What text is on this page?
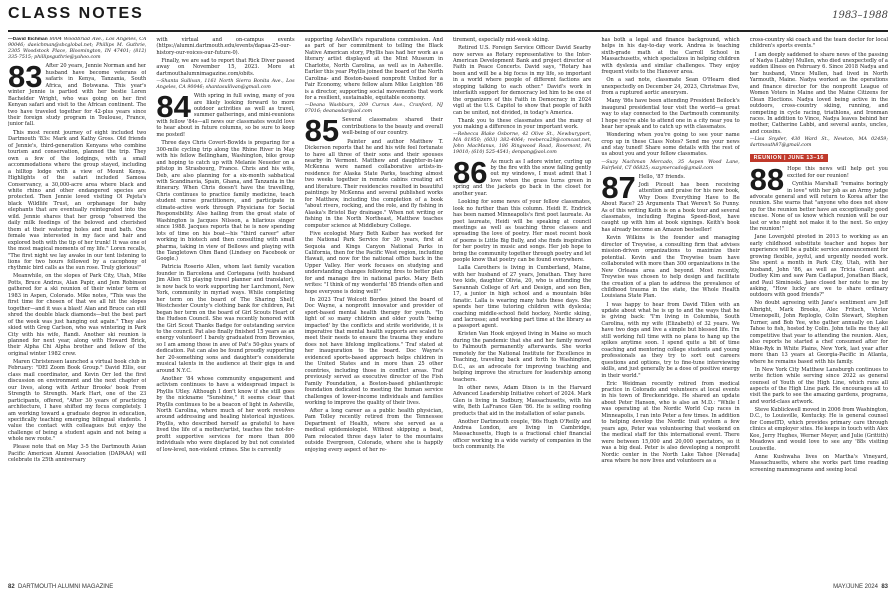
CLASS NOTES	1983–1988

—David Eichman 8004 Woodbriad Ave., Los Angeles, CA 90046; daeichman@sbcglobal.net; Phillips M. Guthrie, 2305 Woodstock Place, Bloomington, IN 47401; (812) 335-7515; phillipsguthrie@yahoo.com

83 After 20 years, Jennie Norman and her husband have become veterans of safaris in Kenya, Tanzania, South Africa, and Botswana. This year's winter Jennie is partied with her bestie Loren Bachelder Wright, who was going on her first Kenyan safari and visit to the African continent. The two have traveled together for 42-plus years since their foreign study program in Toulouse, France, junior fall.

This most recent journey of eight included two Dartmouth '83s: Mark and Kathy Gross. Old friends of Jennie's, third-generation Kenyans who combine tourism and conservation, planned the trip. They own a few of the lodgings, with a small accommodations where the group stayed, including a hilltop lodge with a view of Mount Kenya. Highlights of the safari included Samosa Conservancy, a 30,000-acre area where black and white rhino and other endangered species are protected. Then Jennie loved visiting Ol Pejeta's black Wildlife Trust, an orphanage for baby elephants that are eventually reintegrated into the wild. Jennie shares that her group "observed the daily milk feedings of the beloved and cherished them at their watering holes and mud bath. One female was interested in my face and hair and explored both with the tip of her trunk! It was one of the most magical moments of my life." Loren recalls, "The first night we lay awake in our tent listening to lions for two hours followed by a cacophony of rhythmic bird calls as the sun rose. Truly glorious!"

Meanwhile, on the slopes of Park City, Utah, Mike Potts, Bruce Andrus, Alan Papir, and Jem Robinson gathered for a ski reunion of their winter term of 1983 in Aspen, Colorado. Mike notes, "This was the first time for chosen of that we all hit the slopes together—and it was a blast! Alan and Bruce can still shred the double black diamonds—but the best part of the week was just hanging out again." They also skied with Greg Carlson, who was wintering in Park City with his wife, Randi. Another ski reunion is planned for next year, along with Howard Brick, their Alpha Chi Alpha brother and fellow of the original winter 1982 crew.

Maren Christensen launched a virtual book club in February: "DEI Zoom Book Group." David Ellis, our class mail coordinator, and Kevin Orr led the first discussion on environment and the next chapter of our lives, along with Arthur Brooks' book From Strength to Strength. Mark Hart, one of the 23 participants, offered, "After 30 years of practicing architecture, I have shifted my focus completely. I am working toward a graduate degree in education, specifically teaching emerging bilingual students. I value the contact with colleagues but enjoy the challenge of being a student again and not being a whole new route."

Please note that on May 3-5 the Dartmouth Asian Pacific American Alumni Association (DAPAAA) will celebrate its 25th anniversary

with virtual and on-campus events (https://alumni.dartmouth.edu/events/dapaa-25-our-history-our-voices-our-future-0).

Finally, we are sad to report that Rick Diver passed away on November 15, 2023. More at dartmouthalumnimagazine.com/obits.

—Shanta Sullivan, 1161 North Sierra Bonita Ave., Los Angeles, CA 90046; shantasullivan@gmail.com

84 With spring in full swing, many of you are likely looking forward to more outdoor activities as well as travel, summer gatherings, and mini-reunions with fellow '84s—all news our classmates would love to hear about in future columns, so be sure to keep me posted!

Three days Chris Covert-Bowlds is preparing for a 300-mile cycling trip along the Rhine River in May with his fellow Bellingham, Washington, bike group and hoping to catch up with Melanie Neueder on a pitstop in Strasbourg, France. Chris and his wife, Deb, are also planning for a six-month sabbatical with Scandinavia, Spain, Ghana, and Tanzania in the itinerary. When Chris doesn't have the travelling, Chris continues to practice family medicine, teach student nurse practitioners, and participate in climate-active work through Physicians for Social Responsibility. Also hailing from the great state of Washington is Jacques Nilsson, a hilarious singer since 1988. Jacques reports that he is now spending lots of time on his boat—his "third career" after working in biotech and then consulting with small pharma, taking in view of Bellows and playing with the Tangletown Ohm Band (Lindsey on Facebook or Google.)

Patricia Roserio Allen, whom last family vacation founder in Barcelona and Cortegana (with husband Jim Allen '83 playing travel planner and translator), is now back to work supporting her Larchmont, New York, community in myriad ways. While completing her term on the board of The Sharing Shelf, Westchester County's clothing bank for children, Pat began her term on the board of Girl Scouts Heart of the Hudson Council. She was recently honored with the Girl Scout Thanks Badge for outstanding service to the council. Pat also finally finished 15 years as an energy volunteer! I barely graduated from Brownies, so I am among those in awe of Pat's 50-plus years of dedication. Pat can also be found proudly supporting her 20-something sons and daughter's considerate musical talents in the audience at their gigs in and around N.Y.C.

Another '84 whose community engagement and activism continues to have a widespread impact is Phyllis Utley. Although I don't know if she still goes by the nickname "Sunshine," it seems clear that Phyllis continues to be a beacon of light in Asheville, North Carolina, where much of her work revolves around addressing and healing historical injustices. Phyllis, who described herself as grateful to have lived the life of a mother/artist, teaches the not-for-profit supportive services for more than 800 individuals who were displaced by but not consisted of low-level, non-violent crimes. She is currently

supporting Asheville's reparations commission. And as part of her commitment to telling the Black Native American story, Phyllis has had her work as a literary artist displayed at the Mint Museum in Charlotte, North Carolina, as well as in Asheville. Earlier this year Phyllis joined the board of the North Carolina- and Boston-based nonprofit United for a Fair Economy, where fellow alum Mike Leighton '86 is a director, supporting social movements that work for a resilient, sustainable, equitable economy.

—Deana Washburn, 209 Curran Ave., Cranford, NJ 07016; deanasdar@aol.com

85 Several classmates shared their contributions to the beauty and overall well-being of our country.

Painter and author Matthew T. Dickerson reports that he and his wife feel fortunate to have all three of their sons and their spouses nearby in Vermont. Matthew and daughter-in-law McKenna were named collaborative artists-in-residence for Alaska State Parks, teaching almost two weeks together in remote cabins creating art and literature. Their residencies resulted in beautiful paintings by McKenna and several published works for Matthew, including the completion of a book "about rivers, rocking, and the role, and fly fishing in Alaska's Bristol Bay drainage." When not writing or fishing in the North Northeast, Matthew teaches computer science at Middlebury College.

Five ecologist Mary Beth Kaiber has worked for the National Park Service for 30 years, first at Sequoia and Kings Canyon National Parks in California, then for the Pacific West region, including Hawaii, and now for the national office back in the Upper Valley. Her work focuses on studying and understanding changes following fires to better plan for and manage fire in national parks. Mary Beth writes: "I think of my wonderful '85 friends often and hope everyone is doing well!"

In 2023 Traf Wolcott Bordes joined the board of Doc Wayne, a nonprofit innovator and provider of sport-based mental health therapy for youth. "In light of so many children and older youth 'being impacted' by the conflicts and strife worldwide, it is imperative that mental health supports are scaled to meet their needs to ensure the trauma they endure does not have lifelong implications." Traf stated at her inauguration to the board. Doc Wayne's evidenced sports-based approach helps children in the United States and in more than 25 other countries, including those in conflict areas. Traf previously served as executive director of the Fish Family Foundation, a Boston-based philanthropic foundation dedicated to meeting the human service challenges of lower-income individuals and families working to improve the quality of their lives.

After a long career as a public health physician, Pam Tolley recently retired from the Tennessee Department of Health, where she served as a medical epidemiologist. Without skipping a beat, Pam relocated three days later to the mountains outside Evergreen, Colorado, where she is happily enjoying every aspect of her re-

tirement, especially mid-week skiing.

Retired U.S. Foreign Service Officer David Searby now serves as Rotary representative to the Inter-American Development Bank and project director of Faith in Peace Concerts. David says, "Rotary has been and will be a big focus in my life, so important in a world where people of different factions are stopping talking to each other." David's work in interfaith support for democracy led him to be one of the organizers of this Faith in Democracy in 2024 vigil at the U.S. Capitol to show that people of faith can be united, not divided, in today's America.

Thank you to these classmates and the many of you making a difference in your important work.

—Rebecca Blake Osborne, 42 Olive St., Newburyport, MA 01950; (603) 382-4064; reeberca29@comcast.net, John MacManus, 186 Ringwood Road, Rosemont, PA 19010; (610) 525-4541; denpang@aol.com

86 As much as I adore winter, curling up by the fire with the snow falling gently out my windows, I must admit that I love when the grass turns green in spring and the jackets go back in the closet for another year.

Looking for some news of your fellow classmates, look no further than this column. Heidi E. Endrick has been named Minneapolis's first poet laureate. As poet laureate, Heidi will be speaking at council meetings as well as teaching three classes and spreading the love of poetry. Her most recent book of poems is Little Big Bully, and she finds inspiration for her poetry in music and songs. Her job hope to bring the community together through poetry and let people know that poetry can be found everywhere.

Lalla Carothers is living in Cumberland, Maine, with her husband of 27 years, Jonathan. They have two kids, daughter Olivia, 20, who is attending the Savannah College of Art and Design, and son Ben, 17, a junior in high school and a mountain bike fanatic. Lalla is wearing many hats these days. She spends her time tutoring children with dyslexia; coaching middle-school field hockey, Nordic skiing, and lacrosse; and working part time at the library as a passport agent.

Kristen Van Hook enjoyed living in Maine so much during the pandemic that she and her family moved to Falmouth permanently afterwards. She works remotely for the National Institute for Excellence in Teaching, traveling back and forth to Washington, D.C., as an advocate for improving teaching and helping improve the structure for leadership among teachers.

In other news, Adam Dixon is in the Harvard Advanced Leadership Initiative cohort of 2024. Mark Glen is living in Sudbury, Massachusetts, with his wife, Beth LaFrance Glen '86. He is selling roofing products that aid in the installation of solar panels.

Another Dartmouth couple, '86s Hugh O'Reilly and Andrea London, are living in Cambridge, Massachusetts, Hugh is a fractional chief financial officer working in a wide variety of companies in the tech community. He

has both a legal and finance background, which helps in his day-to-day work. Andrea is teaching sixth-grade math at the Carroll School in Massachusetts, which specializes in helping children with dyslexia and similar challenges. They enjoy frequent visits to the Hanover area.

On a sad note, classmate Sean O'Hearn died unexpectedly on December 24, 2023, Christmas Eve, from a ruptured aortic aneurysm.

Many '86s have been attending President Beilock's inaugural presidential tour visit the world—a great way to stay connected to the Dartmouth community. I hope you're able to attend one in a city near you to hear her speak and to catch up with classmates.

Wondering when you're going to see your name crop up in these Class Notes? Send me your news and stay tuned! Share some details with the rest of us about you and your fellow classmates.

—Suzy Nachman Mercado, 35 Aspen Wood Lane, Fairfield, CT 06825; suzymercado@gmail.com

87 Hello, '87 friends.

Jodi Picoult has been receiving attention and praise for his new book, Why Does Everything Have to Be About Race? 25 Arguments That Weren't So Funny. As of this writing Keith is on a book tour and several classmates, including Regina Speed-Bost, have caught up with him at book signings. Keith's book has already become an Amazon bestseller!

Kevin Wilkins is the founder and managing director of Treywise, a consulting firm that advises mission-driven organizations to maximize their potential. Kevin and the Treywise team have collaborated with more than 300 organizations in the New Orleans area and beyond. Most recently, Treywise was chosen to help design and facilitate the creation of a plan to address the prevalence of childhood trauma in the state, the Whole Health Louisiana State Plan.

I was happy to hear from David Tillen with an update about what he is up to and the ways that he is giving back: "I'm living in Columbia, South Carolina, with my wife (Elizabeth) of 32 years. We have two dogs and live a simple but blessed life. I'm still working full time with no plans to hang up the spikes anytime soon. I spend quite a bit of time coaching and mentoring college students and young professionals as they try to sort out careers questions and options, try to fine-tune interviewing skills, and just generally be a dose of positive energy in their world."

Eric Weidman recently retired from medical practice in Colorado and volunteers at local events in his town of Breckenridge. He shared an update about Peter Hanson, who is also an M.D.: "While I was operating at the Nordic World Cup races in Minneapolis, I ran into Peter a few times. In addition to helping develop the Nordic trail system a few years ago, Peter was volunteering that weekend on the medical staff for this international event. There were between 15,000 and 20,000 spectators, so it was a big deal. Peter is also developing a nonprofit Nordic center in the North Lake Tahoe [Nevada] area where he now lives and volunteers as a

cross-country ski coach and the team doctor for local children's sports events."

I am deeply saddened to share news of the passing of Nadya (Labby) Mullen, who died unexpectedly of a sudden illness on February 6. Since 2018 Nadya and her husband, Vince Mullen, had lived in North Yarmouth, Maine. Nadya worked as the operations and finance director for the nonprofit League of Women Voters in Maine and the Maine Citizens for Clean Elections. Nadya loved being active in the outdoors, cross-country skiing, running, and competing in cycle racing, triathlons, and Ironman races. In addition to Vince, Nadya leaves behind her mother, Catherine Labbi, and several aunts, uncles, and cousins.

—Lisa Snyder, 430 Ward St., Newton, MA 02459; dartmouth87@gmail.com

REUNION | JUNE 13–16
88 Hope this news will help get you excited for our reunion!

Cynthia Marshall "remains boringly in love" with her job as an Army judge advocate general and will return to Korea after the reunion. She warns that "anyone who does not show up for the reunion better have an exceptionally good excuse. None of us know which reunion will be our last or who might not make it to the next. So enjoy the reunion!"

Jane Lovenjohl pivoted in 2013 to working as an early childhood substitute teacher and hopes her experience will be a public service announcement for growing flexible, joyful, and urgently needed work. She spent a month in Park City, Utah, with her husband, John '86, as well as Tricia Grant and Dudley Kim and saw Pam Cadlapud, Jonathan Black, and Paul Siminoski. Jane closed her note to me by asking, "How lucky are we to share ordinary outdoors with good friends?"

No doubt agreeing with Jane's sentiment are Jeff Albright, Mark Brooks, Alec Fritsch, Victor Umenopelli, John Reploglo, Colin Stewart, Stephen Turner, and Bob Yee, who gather annually on Lake Tahoe to fish, hosted by Colin. John tells me they all competitive that year to attending the reunion. Alex, also reports he started a chef consumed after for Mike-Ryk in White Plains, New York, last year after more than 13 years at Georgia-Pacific in Atlanta, where he remains based with his family.

In New York City Matthew Lansburgh continues to write fiction while serving since 2022 as general counsel of Youth of the High Line, which runs all aspects of the High Line park. He encourages all to visit the park to see the amazing gardens, programs, and world-class artwork.

Steve Kublickwell moved in 2006 from Washington, D.C., to Louisville, Kentucky. He is general counsel for CometTD, which provides primary care through clinics at employer sites. He keeps in touch with Alex Kee, Jerry Hughes, Werner Meyer, and Julie (Grittith) Meadows and would love to see any '88s visiting Louisville.

Anne Kushwaha lives on Martha's Vineyard, Massachusetts, where she works part time reading screening mammograms and seeing local

82 DARTMOUTH ALUMNI MAGAZINE	MAY/JUNE 2024 83
